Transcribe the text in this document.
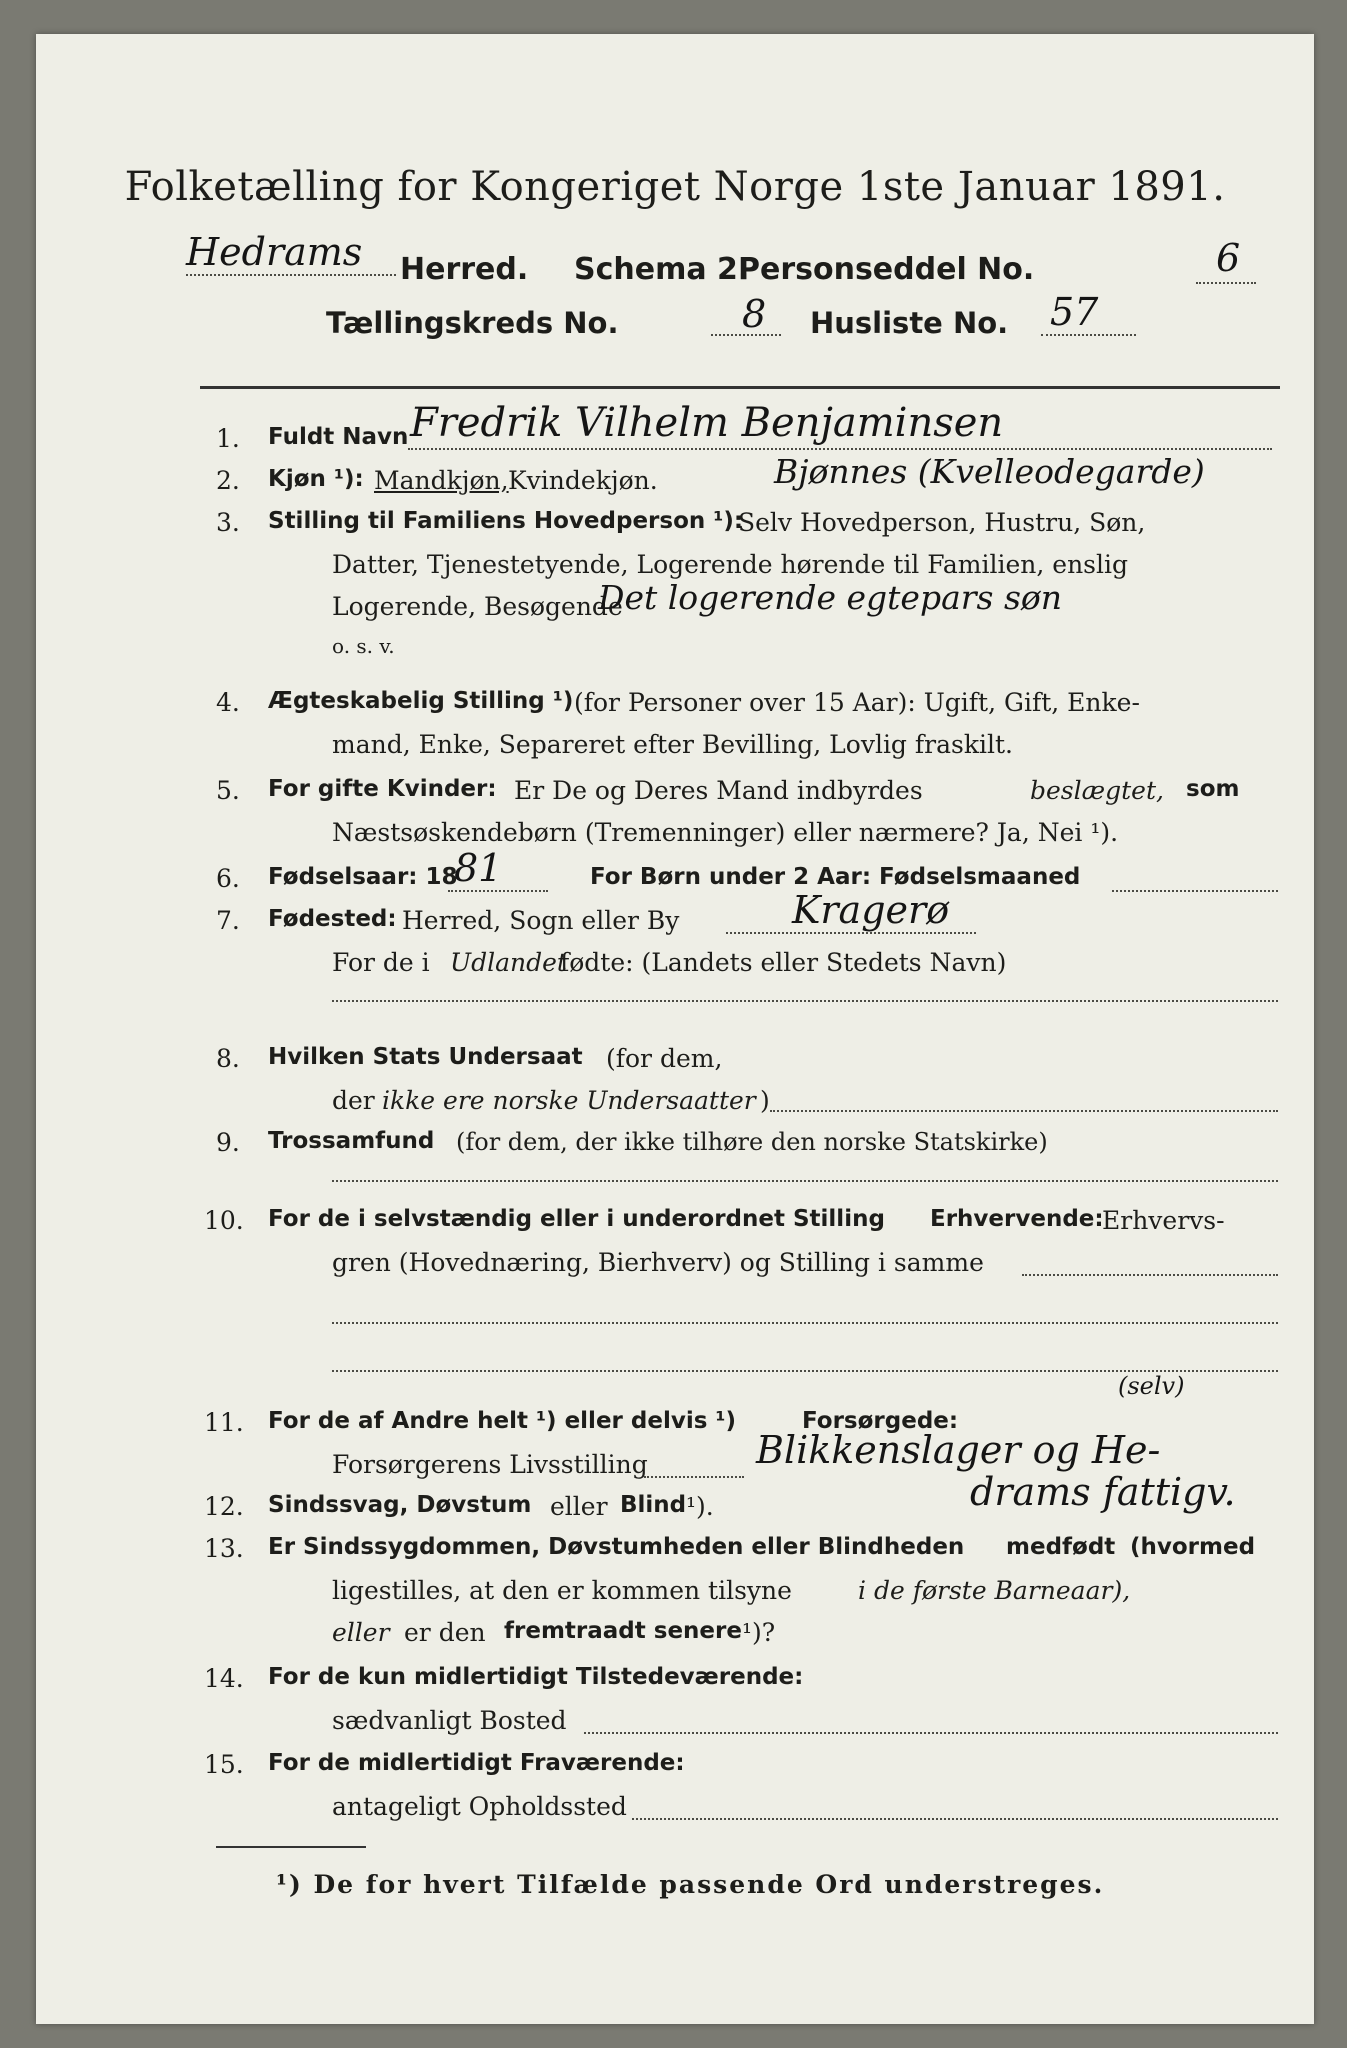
Folketælling for Kongeriget Norge 1ste Januar 1891.
Hedrams Herred. Schema 2.
Personseddel No.	6
Tællingskreds No.	8 Husliste No. 57
1. Fuldt Navn Fredrik Vilhelm Benjaminsen
2. Kjøn ¹): Mandkjøn, Kvindekjøn.	Bjønnes (Kvelleodegarde)
3. Stilling til Familiens Hovedperson ¹):
Selv Hovedperson, Hustru, Søn,
Datter, Tjenestetyende, Logerende hørende til Familien, enslig
Logerende, Besøgende
Det logerende egtepars søn
o. s. v.
4. Ægteskabelig Stilling ¹) (for Personer over 15 Aar): Ugift, Gift, Enke-
mand, Enke, Separeret efter Bevilling, Lovlig fraskilt.
5. For gifte Kvinder: Er De og Deres Mand indbyrdes	beslægtet, som
Næstsøskendebørn (Tremenninger) eller nærmere? Ja, Nei ¹).
6. Fødselsaar: 18
81	For Børn under 2 Aar: Fødselsmaaned
7. Fødested: Herred, Sogn eller By	Kragerø
For de i Udlandet
fødte: (Landets eller Stedets Navn)
8. Hvilken Stats Undersaat (for dem,
der ikke ere norske Undersaatter )
9. Trossamfund (for dem, der ikke tilhøre den norske Statskirke)
10. For de i selvstændig eller i underordnet Stilling Erhvervende:
Erhvervs-
gren (Hovednæring, Bierhverv) og Stilling i samme
11. For de af Andre helt ¹) eller delvis ¹)	Forsørgede:
(selv)
Forsørgerens Livsstilling	Blikkenslager og He-
drams fattigv.
12. Sindssvag, Døvstum eller Blind ¹).
13. Er Sindssygdommen, Døvstumheden eller Blindheden medfødt (hvormed
ligestilles, at den er kommen tilsyne	i de første Barneaar),
eller er den fremtraadt senere ¹)?
14. For de kun midlertidigt Tilstedeværende:
sædvanligt Bosted
15. For de midlertidigt Fraværende:
antageligt Opholdssted
¹) De for hvert Tilfælde passende Ord understreges.
